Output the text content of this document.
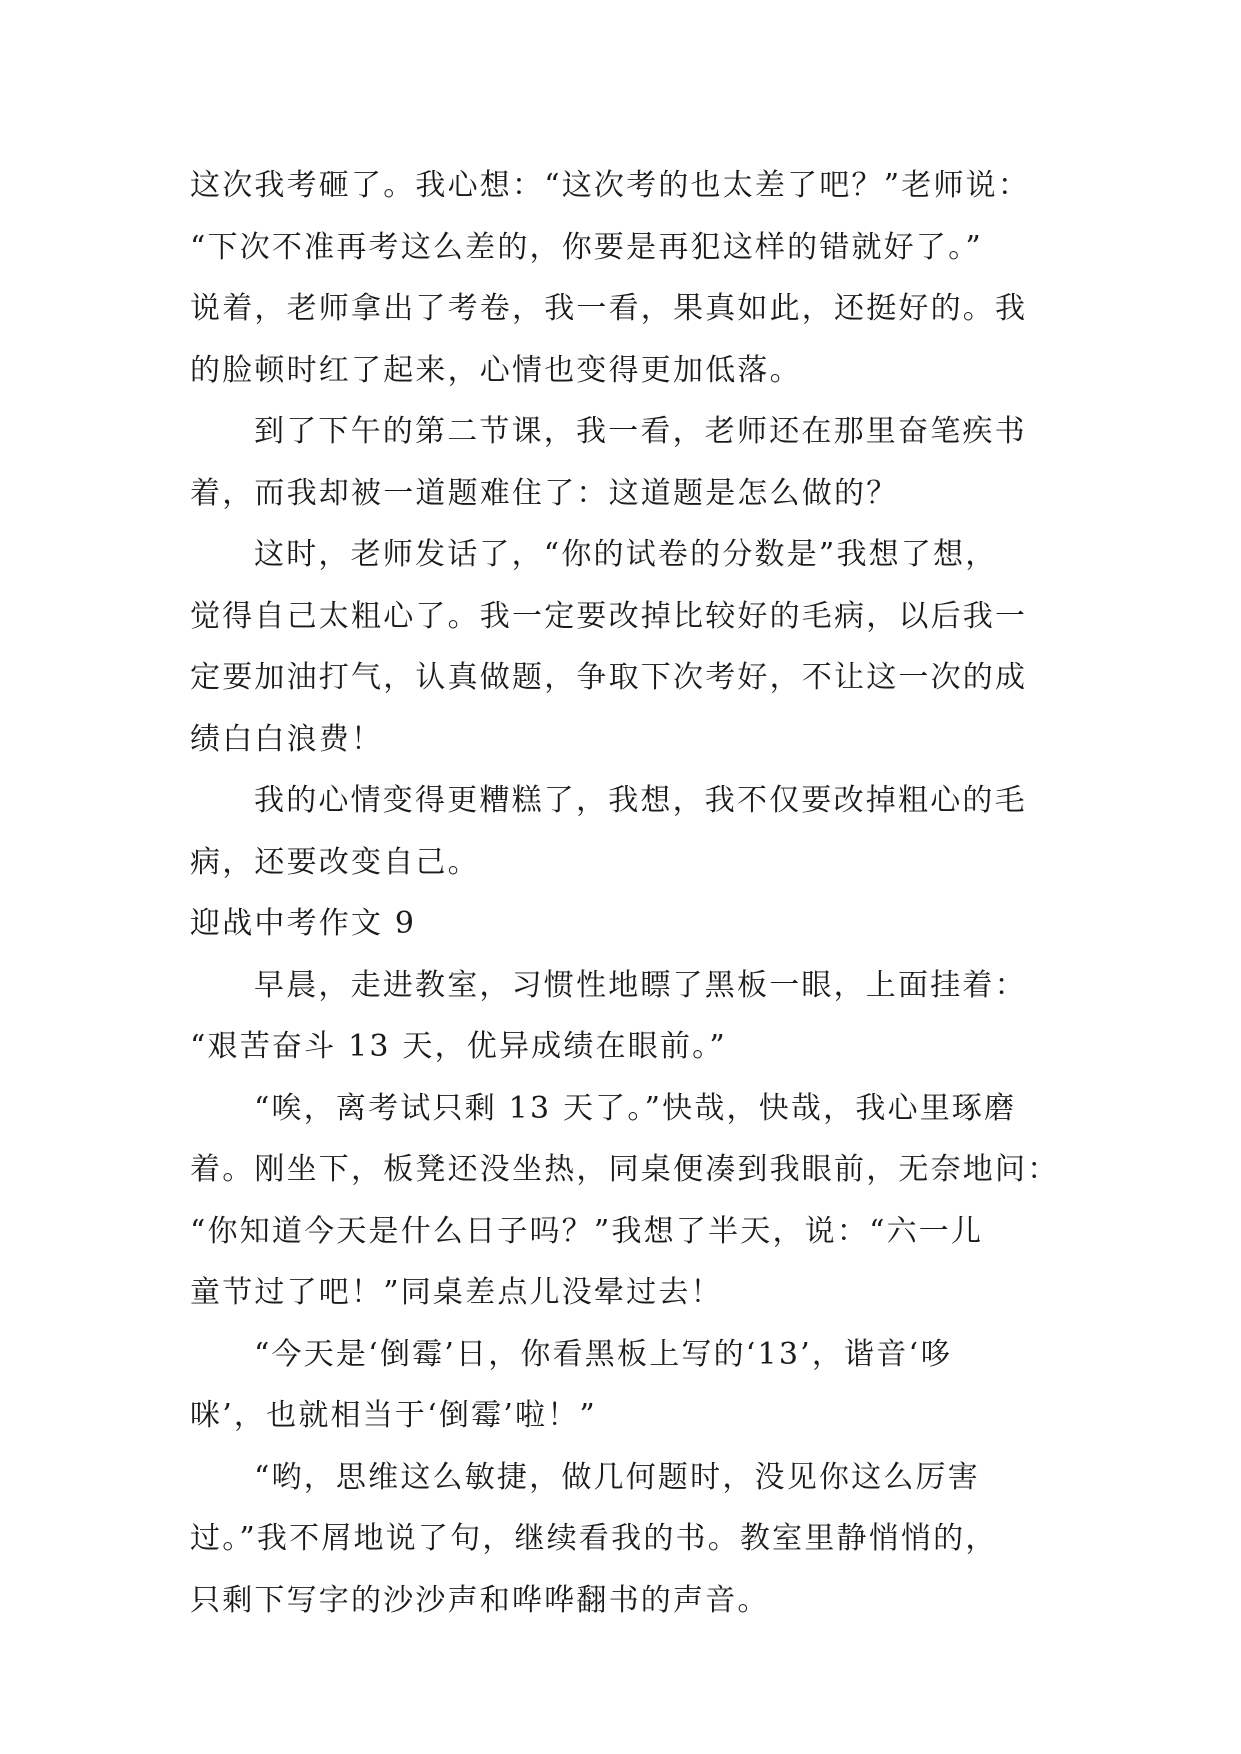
这次我考砸了。我心想：“这次考的也太差了吧？”老师说：
“下次不准再考这么差的，你要是再犯这样的错就好了。”
说着，老师拿出了考卷，我一看，果真如此，还挺好的。我
的脸顿时红了起来，心情也变得更加低落。
到了下午的第二节课，我一看，老师还在那里奋笔疾书
着，而我却被一道题难住了：这道题是怎么做的？
这时，老师发话了，“你的试卷的分数是”我想了想，
觉得自己太粗心了。我一定要改掉比较好的毛病，以后我一
定要加油打气，认真做题，争取下次考好，不让这一次的成
绩白白浪费！
我的心情变得更糟糕了，我想，我不仅要改掉粗心的毛
病，还要改变自己。
迎战中考作文 9
早晨，走进教室，习惯性地瞟了黑板一眼，上面挂着：
“艰苦奋斗 13 天，优异成绩在眼前。”
“唉，离考试只剩 13 天了。”快哉，快哉，我心里琢磨
着。刚坐下，板凳还没坐热，同桌便凑到我眼前，无奈地问：
“你知道今天是什么日子吗？”我想了半天，说：“六一儿
童节过了吧！”同桌差点儿没晕过去！
“今天是‘倒霉’日，你看黑板上写的‘13’，谐音‘哆
咪’，也就相当于‘倒霉’啦！”
“哟，思维这么敏捷，做几何题时，没见你这么厉害
过。”我不屑地说了句，继续看我的书。教室里静悄悄的，
只剩下写字的沙沙声和哗哗翻书的声音。
